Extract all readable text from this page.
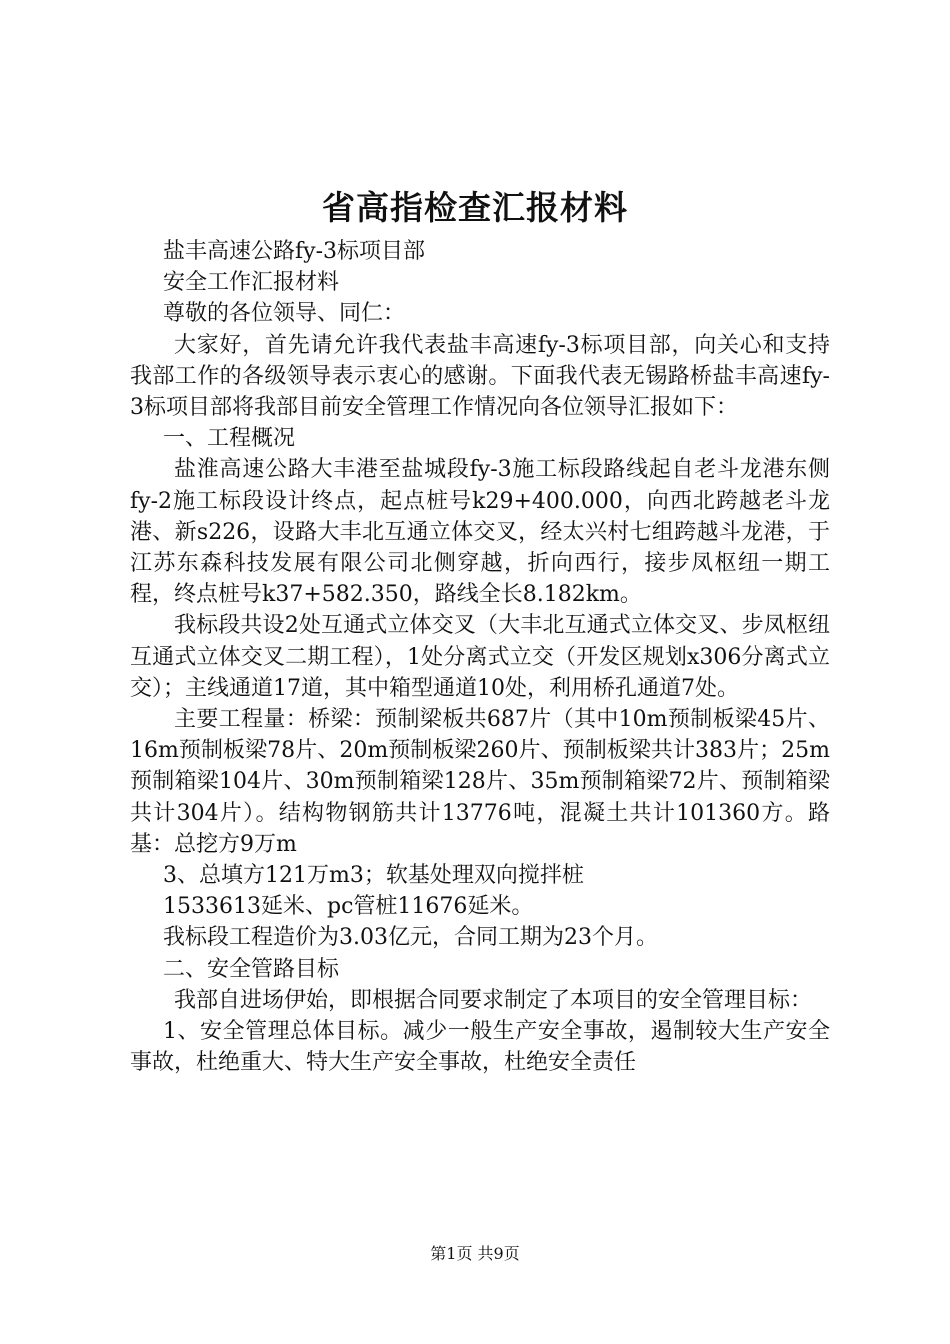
省高指检查汇报材料

盐丰高速公路fy-3标项目部

安全工作汇报材料

尊敬的各位领导、同仁：

大家好，首先请允许我代表盐丰高速fy-3标项目部，向关心和支持我部工作的各级领导表示衷心的感谢。下面我代表无锡路桥盐丰高速fy-3标项目部将我部目前安全管理工作情况向各位领导汇报如下：

一、工程概况

盐淮高速公路大丰港至盐城段fy-3施工标段路线起自老斗龙港东侧fy-2施工标段设计终点，起点桩号k29+400.000，向西北跨越老斗龙港、新s226，设路大丰北互通立体交叉，经太兴村七组跨越斗龙港，于江苏东森科技发展有限公司北侧穿越，折向西行，接步凤枢纽一期工程，终点桩号k37+582.350，路线全长8.182km。

我标段共设2处互通式立体交叉（大丰北互通式立体交叉、步凤枢纽互通式立体交叉二期工程），1处分离式立交（开发区规划x306分离式立交）；主线通道17道，其中箱型通道10处，利用桥孔通道7处。

主要工程量：桥梁：预制梁板共687片（其中10m预制板梁45片、16m预制板梁78片、20m预制板梁260片、预制板梁共计383片；25m预制箱梁104片、30m预制箱梁128片、35m预制箱梁72片、预制箱梁共计304片）。结构物钢筋共计13776吨，混凝土共计101360方。路基：总挖方9万m

3、总填方121万m3；软基处理双向搅拌桩

1533613延米、pc管桩11676延米。

我标段工程造价为3.03亿元，合同工期为23个月。

二、安全管路目标

我部自进场伊始，即根据合同要求制定了本项目的安全管理目标：

1、安全管理总体目标。减少一般生产安全事故，遏制较大生产安全事故，杜绝重大、特大生产安全事故，杜绝安全责任

第1页 共9页
